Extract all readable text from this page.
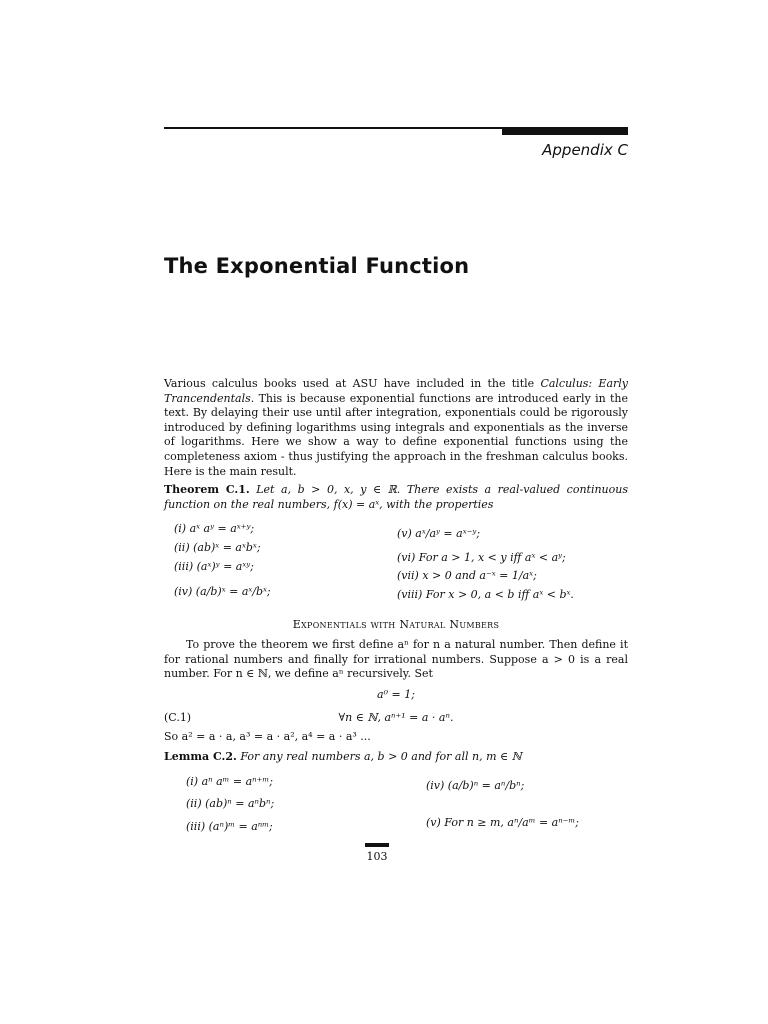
Appendix C
The Exponential Function
Various calculus books used at ASU have included in the title Calculus: Early Trancendentals. This is because exponential functions are introduced early in the text. By delaying their use until after integration, exponentials could be rigorously introduced by defining logarithms using integrals and exponentials as the inverse of logarithms. Here we show a way to define exponential functions using the completeness axiom - thus justifying the approach in the freshman calculus books. Here is the main result.
Theorem C.1. Let a, b > 0, x, y ∈ ℝ. There exists a real-valued continuous function on the real numbers, f(x) = aˣ, with the properties
(i) aˣ aʸ = aˣ⁺ʸ;
(ii) (ab)ˣ = aˣbˣ;
(iii) (aˣ)ʸ = aˣʸ;
(iv) (a/b)ˣ = aˣ/bˣ;
(v) aˣ/aʸ = aˣ⁻ʸ;
(vi) For a > 1, x < y iff aˣ < aʸ;
(vii) x > 0 and a⁻ˣ = 1/aˣ;
(viii) For x > 0, a < b iff aˣ < bˣ.
Exponentials with Natural Numbers
To prove the theorem we first define aⁿ for n a natural number. Then define it for rational numbers and finally for irrational numbers. Suppose a > 0 is a real number. For n ∈ ℕ, we define aⁿ recursively. Set
a⁰ = 1;
(C.1)	∀n ∈ ℕ, aⁿ⁺¹ = a · aⁿ.
So a² = a · a, a³ = a · a², a⁴ = a · a³ ...
Lemma C.2. For any real numbers a, b > 0 and for all n, m ∈ ℕ
(i) aⁿ aᵐ = aⁿ⁺ᵐ;
(ii) (ab)ⁿ = aⁿbⁿ;
(iii) (aⁿ)ᵐ = aⁿᵐ;
(iv) (a/b)ⁿ = aⁿ/bⁿ;
(v) For n ≥ m, aⁿ/aᵐ = aⁿ⁻ᵐ;
103
